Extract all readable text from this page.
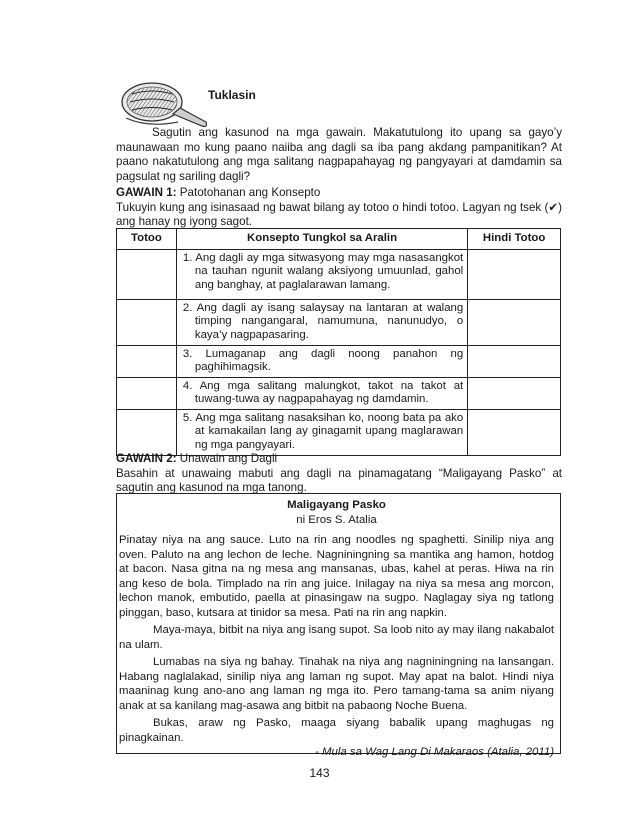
Tuklasin
Sagutin ang kasunod na mga gawain. Makatutulong ito upang sa gayo’y maunawaan mo kung paano naiiba ang dagli sa iba pang akdang pampanitikan? At paano nakatutulong ang mga salitang nagpapahayag ng pangyayari at damdamin sa pagsulat ng sariling dagli?
GAWAIN 1: Patotohanan ang Konsepto
Tukuyin kung ang isinasaad ng bawat bilang ay totoo o hindi totoo. Lagyan ng tsek (✔) ang hanay ng iyong sagot.
Totoo	Konsepto Tungkol sa Aralin	Hindi Totoo

	1. Ang dagli ay mga sitwasyong may mga nasasangkot na tauhan ngunit walang aksiyong umuunlad, gahol ang banghay, at paglalarawan lamang.	

	2. Ang dagli ay isang salaysay na lantaran at walang timping nangangaral, namumuna, nanunudyo, o kaya’y nagpapasaring.	

	3. Lumaganap ang dagli noong panahon ng paghihimagsik.	

	4. Ang mga salitang malungkot, takot na takot at tuwang-tuwa ay nagpapahayag ng damdamin.	

	5. Ang mga salitang nasaksihan ko, noong bata pa ako at kamakailan lang ay ginagamit upang maglarawan ng mga pangyayari.	

GAWAIN 2: Unawain ang Dagli
Basahin at unawaing mabuti ang dagli na pinamagatang “Maligayang Pasko” at sagutin ang kasunod na mga tanong.
Maligayang Pasko
ni Eros S. Atalia

Pinatay niya na ang sauce. Luto na rin ang noodles ng spaghetti. Sinilip niya ang oven. Paluto na ang lechon de leche. Nagniningning sa mantika ang hamon, hotdog at bacon. Nasa gitna na ng mesa ang mansanas, ubas, kahel at peras. Hiwa na rin ang keso de bola. Timplado na rin ang juice. Inilagay na niya sa mesa ang morcon, lechon manok, embutido, paella at pinasingaw na sugpo. Naglagay siya ng tatlong pinggan, baso, kutsara at tinidor sa mesa. Pati na rin ang napkin.

Maya-maya, bitbit na niya ang isang supot. Sa loob nito ay may ilang nakabalot na ulam.

Lumabas na siya ng bahay. Tinahak na niya ang nagniningning na lansangan. Habang naglalakad, sinilip niya ang laman ng supot. May apat na balot. Hindi niya maaninag kung ano-ano ang laman ng mga ito. Pero tamang-tama sa anim niyang anak at sa kanilang mag-asawa ang bitbit na pabaong Noche Buena.

Bukas, araw ng Pasko, maaga siyang babalik upang maghugas ng pinagkainan.

- Mula sa Wag Lang Di Makaraos (Atalia, 2011)
143
